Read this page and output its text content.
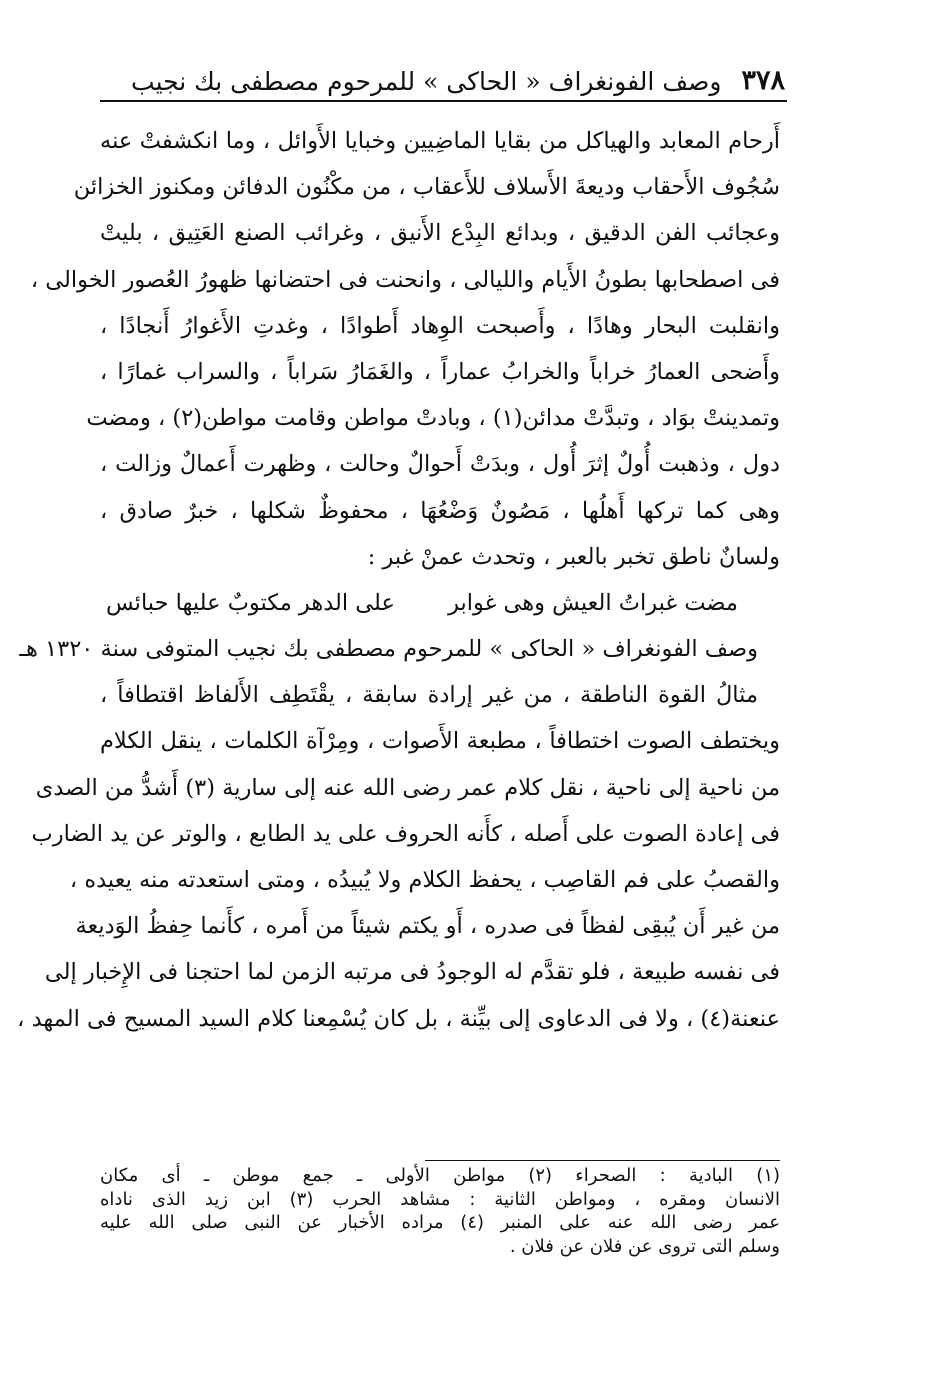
٣٧٨
وصف الفونغراف « الحاكى » للمرحوم مصطفى بك نجيب
أَرحام المعابد والهياكل من بقايا الماضِيين وخبايا الأَوائل ، وما انكشفتْ عنه
سُجُوف الأَحقاب وديعةَ الأَسلاف للأَعقاب ، من مكْنُون الدفائن ومكنوز الخزائن
وعجائب الفن الدقيق ، وبدائع البِدْع الأَنيق ، وغرائب الصنع العَتِيق ، بليتْ
فى اصطحابها بطونُ الأَيام والليالى ، وانحنت فى احتضانها ظهورُ العُصور الخوالى ،
وانقلبت البحار وهادًا ، وأَصبحت الوِهاد أَطوادًا ، وغدتِ الأَغوارُ أَنجادًا ،
وأَضحى العمارُ خراباً والخرابُ عماراً ، والغَمَارُ سَراباً ، والسراب غمارًا ،
وتمدينتْ بوَاد ، وتبدَّتْ مدائن(١) ، وبادتْ مواطن وقامت مواطن(٢) ، ومضت
دول ، وذهبت أُولٌ إثرَ أُول ، وبدَتْ أَحوالٌ وحالت ، وظهرت أَعمالٌ وزالت ،
وهى كما تركها أَهلُها ، مَصُونٌ وَضْعُهَا ، محفوظٌ شكلها ، خبرٌ صادق ،
ولسانٌ ناطق تخبر بالعبر ، وتحدث عمنْ غبر :
مضت غبراتُ العيش وهى غوابر
على الدهر مكتوبٌ عليها حبائس
وصف الفونغراف « الحاكى » للمرحوم مصطفى بك نجيب المتوفى سنة ١٣٢٠ هـ
مثالُ القوة الناطقة ، من غير إرادة سابقة ، يقْتَطِف الأَلفاظ اقتطافاً ،
ويختطف الصوت اختطافاً ، مطبعة الأَصوات ، ومِرْآة الكلمات ، ينقل الكلام
من ناحية إلى ناحية ، نقل كلام عمر رضى الله عنه إلى سارية (٣) أَشدُّ من الصدى
فى إعادة الصوت على أَصله ، كأَنه الحروف على يد الطابع ، والوتر عن يد الضارب
والقصبُ على فم القاصِب ، يحفظ الكلام ولا يُبيدُه ، ومتى استعدته منه يعيده ،
من غير أَن يُبقِى لفظاً فى صدره ، أَو يكتم شيئاً من أَمره ، كأَنما حِفظُ الوَديعة
فى نفسه طبيعة ، فلو تقدَّم له الوجودُ فى مرتبه الزمن لما احتجنا فى الإِخبار إلى
عنعنة(٤) ، ولا فى الدعاوى إلى بيِّنة ، بل كان يُسْمِعنا كلام السيد المسيح فى المهد ،
(١) البادية : الصحراء (٢) مواطن الأولى ـ جمع موطن ـ أى مكان
الانسان ومقره ، ومواطن الثانية : مشاهد الحرب (٣) ابن زيد الذى ناداه
عمر رضى الله عنه على المنبر (٤) مراده الأخبار عن النبى صلى الله عليه
وسلم التى تروى عن فلان عن فلان .
